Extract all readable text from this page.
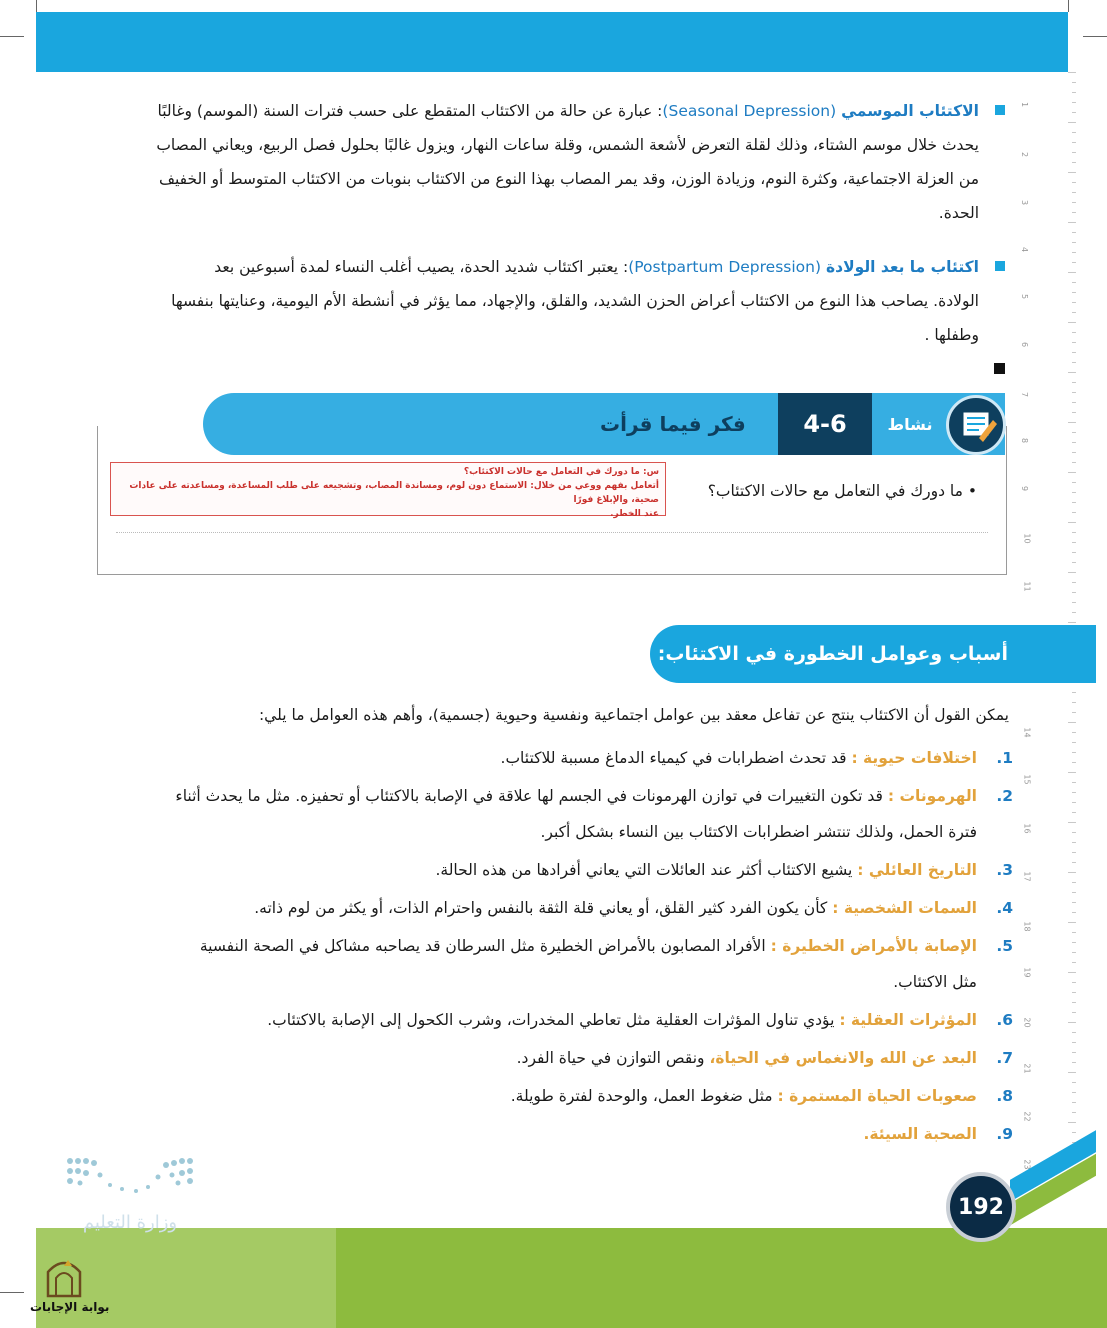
1
2
3
4
5
6
7
8
9
10
11
14
15
16
17
18
19
20
21
22
23
الاكتئاب الموسمي (Seasonal Depression): عبارة عن حالة من الاكتئاب المتقطع على حسب فترات السنة (الموسم) وغالبًا
يحدث خلال موسم الشتاء، وذلك لقلة التعرض لأشعة الشمس، وقلة ساعات النهار، ويزول غالبًا بحلول فصل الربيع، ويعاني المصاب
من العزلة الاجتماعية، وكثرة النوم، وزيادة الوزن، وقد يمر المصاب بهذا النوع من الاكتئاب بنوبات من الاكتئاب المتوسط أو الخفيف
الحدة.
اكتئاب ما بعد الولادة (Postpartum Depression): يعتبر اكتئاب شديد الحدة، يصيب أغلب النساء لمدة أسبوعين بعد
الولادة. يصاحب هذا النوع من الاكتئاب أعراض الحزن الشديد، والقلق، والإجهاد، مما يؤثر في أنشطة الأم اليومية، وعنايتها بنفسها
وطفلها .
4-6
فكر فيما قرأت	نشاط
• ما دورك في التعامل مع حالات الاكتئاب؟
س: ما دورك في التعامل مع حالات الاكتئاب؟
أتعامل بفهم ووعي من خلال: الاستماع دون لوم، ومساندة المصاب، وتشجيعه على طلب المساعدة، ومساعدته على عادات صحية، والإبلاغ فورًا
عند الخطر.
أسباب وعوامل الخطورة في الاكتئاب:
يمكن القول أن الاكتئاب ينتج عن تفاعل معقد بين عوامل اجتماعية ونفسية وحيوية (جسمية)، وأهم هذه العوامل ما يلي:
1.
اختلافات حيوية : قد تحدث اضطرابات في كيمياء الدماغ مسببة للاكتئاب.
2.
الهرمونات : قد تكون التغييرات في توازن الهرمونات في الجسم لها علاقة في الإصابة بالاكتئاب أو تحفيزه. مثل ما يحدث أثناء
فترة الحمل، ولذلك تنتشر اضطرابات الاكتئاب بين النساء بشكل أكبر.
3.
التاريخ العائلي : يشيع الاكتئاب أكثر عند العائلات التي يعاني أفرادها من هذه الحالة.
4.
السمات الشخصية : كأن يكون الفرد كثير القلق، أو يعاني قلة الثقة بالنفس واحترام الذات، أو يكثر من لوم ذاته.
5.
الإصابة بالأمراض الخطيرة : الأفراد المصابون بالأمراض الخطيرة مثل السرطان قد يصاحبه مشاكل في الصحة النفسية
مثل الاكتئاب.
6.
المؤثرات العقلية : يؤدي تناول المؤثرات العقلية مثل تعاطي المخدرات، وشرب الكحول إلى الإصابة بالاكتئاب.
7.
البعد عن الله والانغماس في الحياة، ونقص التوازن في حياة الفرد.
8.
صعوبات الحياة المستمرة : مثل ضغوط العمل، والوحدة لفترة طويلة.
9.
الصحبة السيئة.
192
وزارة التعليم
بوابة الإجابات
